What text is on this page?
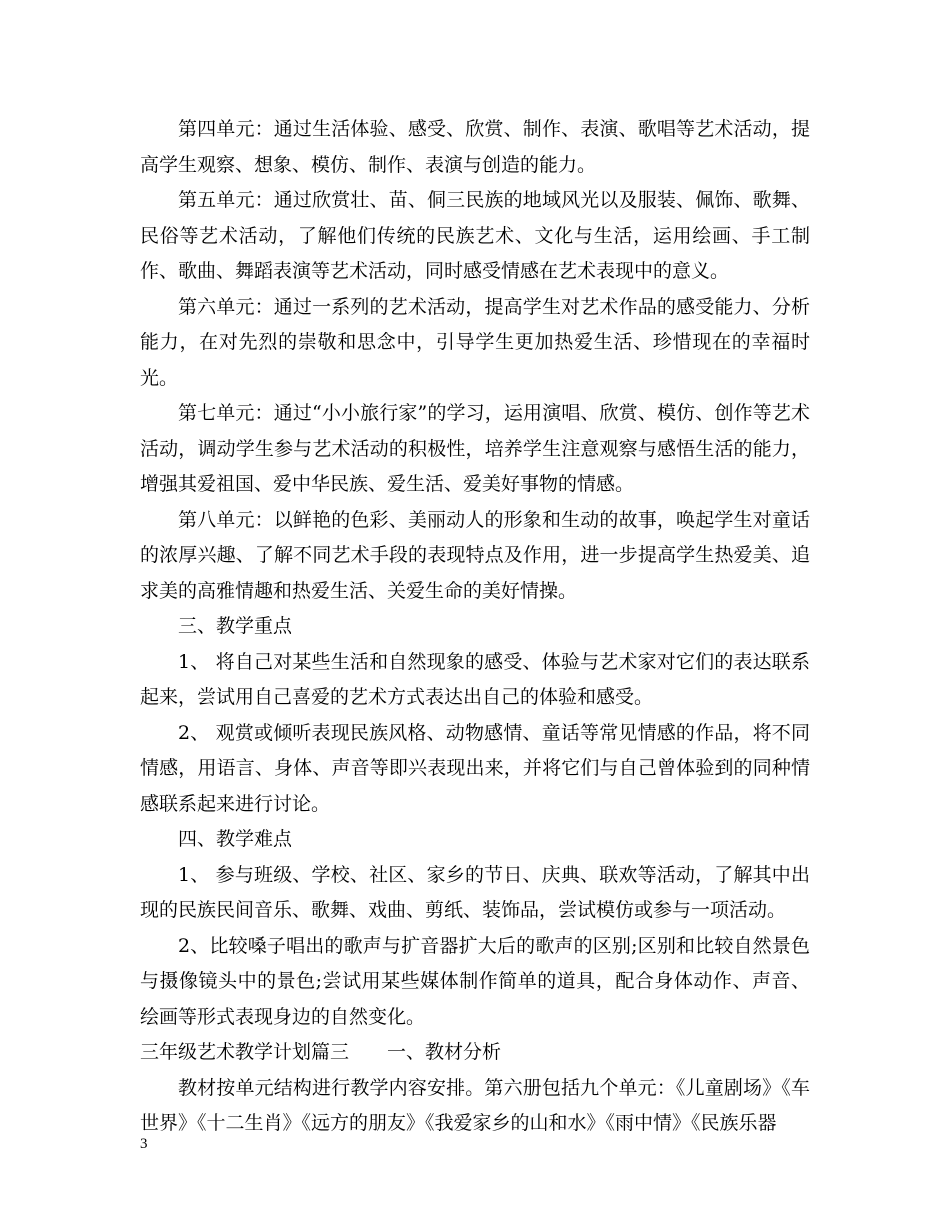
第四单元：通过生活体验、感受、欣赏、制作、表演、歌唱等艺术活动，提高学生观察、想象、模仿、制作、表演与创造的能力。

第五单元：通过欣赏壮、苗、侗三民族的地域风光以及服装、佩饰、歌舞、民俗等艺术活动，了解他们传统的民族艺术、文化与生活，运用绘画、手工制作、歌曲、舞蹈表演等艺术活动，同时感受情感在艺术表现中的意义。

第六单元：通过一系列的艺术活动，提高学生对艺术作品的感受能力、分析能力，在对先烈的崇敬和思念中，引导学生更加热爱生活、珍惜现在的幸福时光。

第七单元：通过“小小旅行家”的学习，运用演唱、欣赏、模仿、创作等艺术活动，调动学生参与艺术活动的积极性，培养学生注意观察与感悟生活的能力，增强其爱祖国、爱中华民族、爱生活、爱美好事物的情感。

第八单元：以鲜艳的色彩、美丽动人的形象和生动的故事，唤起学生对童话的浓厚兴趣、了解不同艺术手段的表现特点及作用，进一步提高学生热爱美、追求美的高雅情趣和热爱生活、关爱生命的美好情操。

三、教学重点

1、 将自己对某些生活和自然现象的感受、体验与艺术家对它们的表达联系起来，尝试用自己喜爱的艺术方式表达出自己的体验和感受。

2、 观赏或倾听表现民族风格、动物感情、童话等常见情感的作品，将不同情感，用语言、身体、声音等即兴表现出来，并将它们与自己曾体验到的同种情感联系起来进行讨论。

四、教学难点

1、 参与班级、学校、社区、家乡的节日、庆典、联欢等活动，了解其中出现的民族民间音乐、歌舞、戏曲、剪纸、装饰品，尝试模仿或参与一项活动。

2、比较嗓子唱出的歌声与扩音器扩大后的歌声的区别;区别和比较自然景色与摄像镜头中的景色;尝试用某些媒体制作简单的道具，配合身体动作、声音、绘画等形式表现身边的自然变化。

三年级艺术教学计划篇三　　一、教材分析

教材按单元结构进行教学内容安排。第六册包括九个单元：《儿童剧场》《车世界》《十二生肖》《远方的朋友》《我爱家乡的山和水》《雨中情》《民族乐器

3
